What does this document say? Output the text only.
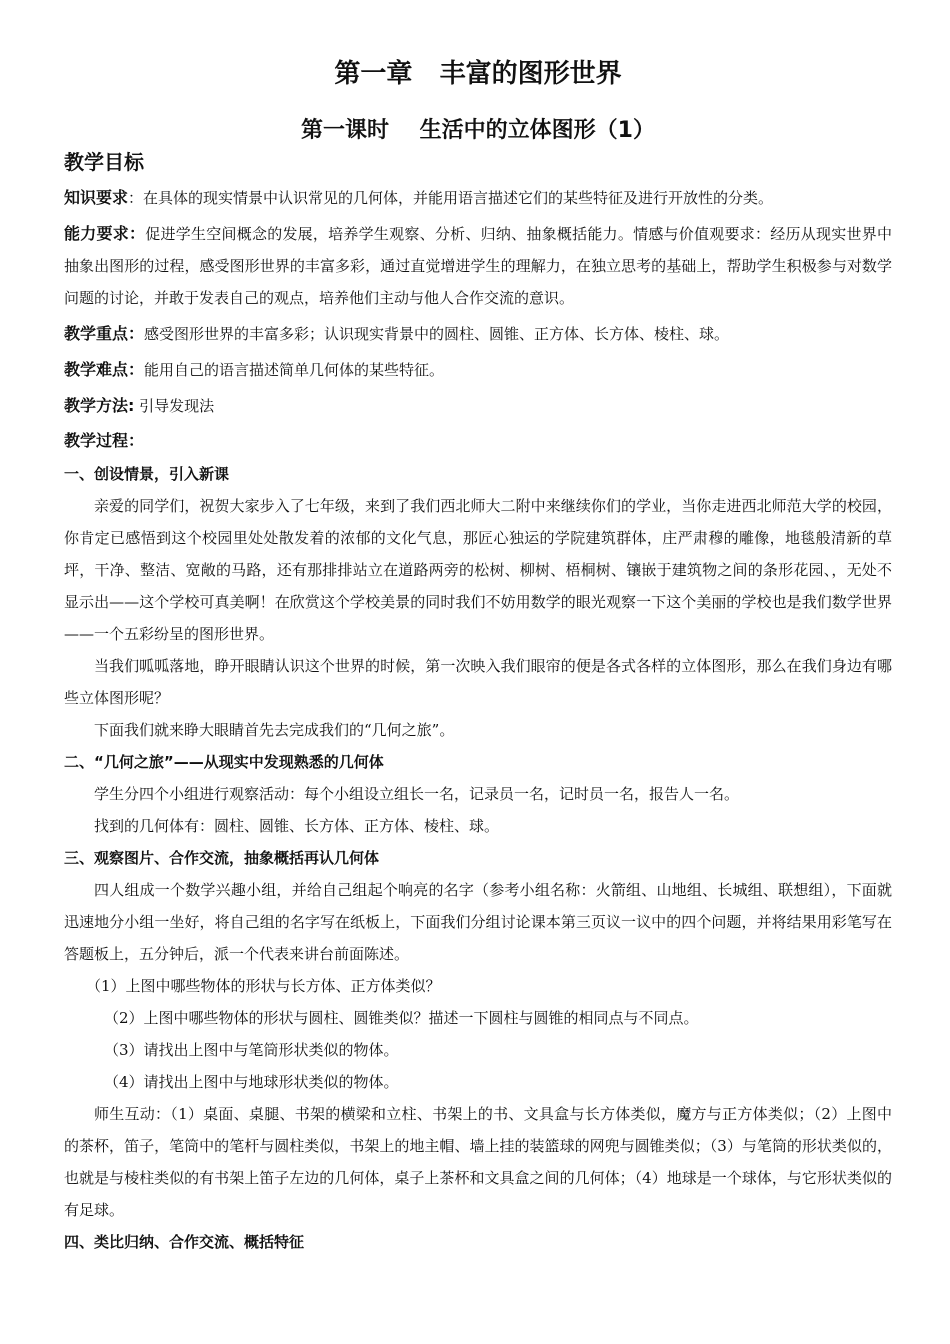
第一章   丰富的图形世界
第一课时    生活中的立体图形（1）
教学目标

知识要求：在具体的现实情景中认识常见的几何体，并能用语言描述它们的某些特征及进行开放性的分类。

能力要求：促进学生空间概念的发展，培养学生观察、分析、归纳、抽象概括能力。情感与价值观要求：经历从现实世界中抽象出图形的过程，感受图形世界的丰富多彩，通过直觉增进学生的理解力，在独立思考的基础上，帮助学生积极参与对数学问题的讨论，并敢于发表自己的观点，培养他们主动与他人合作交流的意识。

教学重点：感受图形世界的丰富多彩；认识现实背景中的圆柱、圆锥、正方体、长方体、棱柱、球。

教学难点：能用自己的语言描述简单几何体的某些特征。

教学方法: 引导发现法

教学过程：
一、创设情景，引入新课

亲爱的同学们，祝贺大家步入了七年级，来到了我们西北师大二附中来继续你们的学业，当你走进西北师范大学的校园，你肯定已感悟到这个校园里处处散发着的浓郁的文化气息，那匠心独运的学院建筑群体，庄严肃穆的雕像，地毯般清新的草坪，干净、整洁、宽敞的马路，还有那排排站立在道路两旁的松树、柳树、梧桐树、镶嵌于建筑物之间的条形花园、，无处不显示出——这个学校可真美啊！在欣赏这个学校美景的同时我们不妨用数学的眼光观察一下这个美丽的学校也是我们数学世界——一个五彩纷呈的图形世界。

当我们呱呱落地，睁开眼睛认识这个世界的时候，第一次映入我们眼帘的便是各式各样的立体图形，那么在我们身边有哪些立体图形呢？

下面我们就来睁大眼睛首先去完成我们的“几何之旅”。

二、“几何之旅”——从现实中发现熟悉的几何体

学生分四个小组进行观察活动：每个小组设立组长一名，记录员一名，记时员一名，报告人一名。

找到的几何体有：圆柱、圆锥、长方体、正方体、棱柱、球。

三、观察图片、合作交流，抽象概括再认几何体

四人组成一个数学兴趣小组，并给自己组起个响亮的名字（参考小组名称：火箭组、山地组、长城组、联想组），下面就迅速地分小组一坐好，将自己组的名字写在纸板上，下面我们分组讨论课本第三页议一议中的四个问题，并将结果用彩笔写在答题板上，五分钟后，派一个代表来讲台前面陈述。

（1）上图中哪些物体的形状与长方体、正方体类似？

（2）上图中哪些物体的形状与圆柱、圆锥类似？描述一下圆柱与圆锥的相同点与不同点。

（3）请找出上图中与笔筒形状类似的物体。

（4）请找出上图中与地球形状类似的物体。

师生互动：（1）桌面、桌腿、书架的横梁和立柱、书架上的书、文具盒与长方体类似，魔方与正方体类似；（2）上图中的茶杯，笛子，笔筒中的笔杆与圆柱类似，书架上的地主帽、墙上挂的装篮球的网兜与圆锥类似；（3）与笔筒的形状类似的，也就是与棱柱类似的有书架上笛子左边的几何体，桌子上茶杯和文具盒之间的几何体；（4）地球是一个球体，与它形状类似的有足球。

四、类比归纳、合作交流、概括特征
